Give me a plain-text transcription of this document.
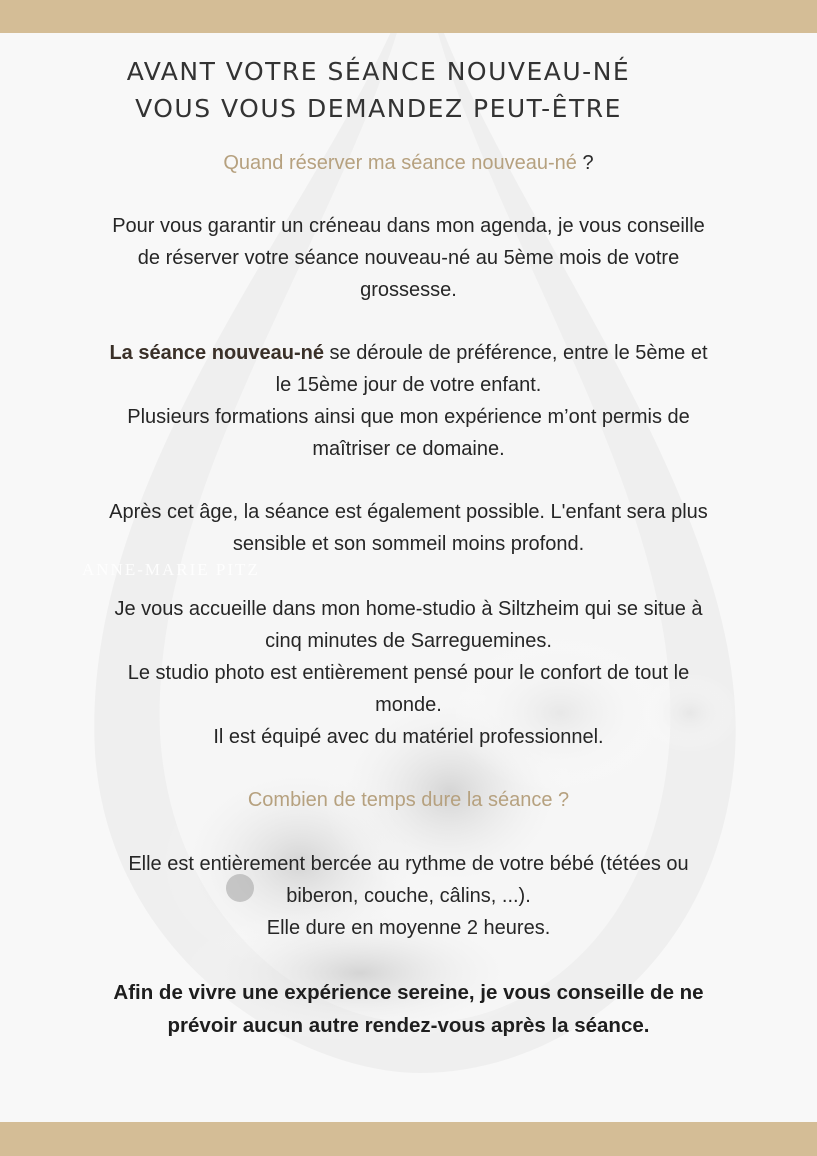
ANNE-MARIE PITZ
AVANT VOTRE SÉANCE NOUVEAU-NÉ
VOUS VOUS DEMANDEZ PEUT-ÊTRE
Quand réserver ma séance nouveau-né ?
Pour vous garantir un créneau dans mon agenda, je vous conseille
de réserver votre séance nouveau-né au 5ème mois de votre
grossesse.
La séance nouveau-né se déroule de préférence, entre le 5ème et
le 15ème jour de votre enfant.
Plusieurs formations ainsi que mon expérience m’ont permis de
maîtriser ce domaine.
Après cet âge, la séance est également possible. L'enfant sera plus
sensible et son sommeil moins profond.
Je vous accueille dans mon home-studio à Siltzheim qui se situe à
cinq minutes de Sarreguemines.
Le studio photo est entièrement pensé pour le confort de tout le
monde.
Il est équipé avec du matériel professionnel.
Combien de temps dure la séance ?
Elle est entièrement bercée au rythme de votre bébé (tétées ou
biberon, couche, câlins, ...).
Elle dure en moyenne 2 heures.
Afin de vivre une expérience sereine, je vous conseille de ne
prévoir aucun autre rendez-vous après la séance.
